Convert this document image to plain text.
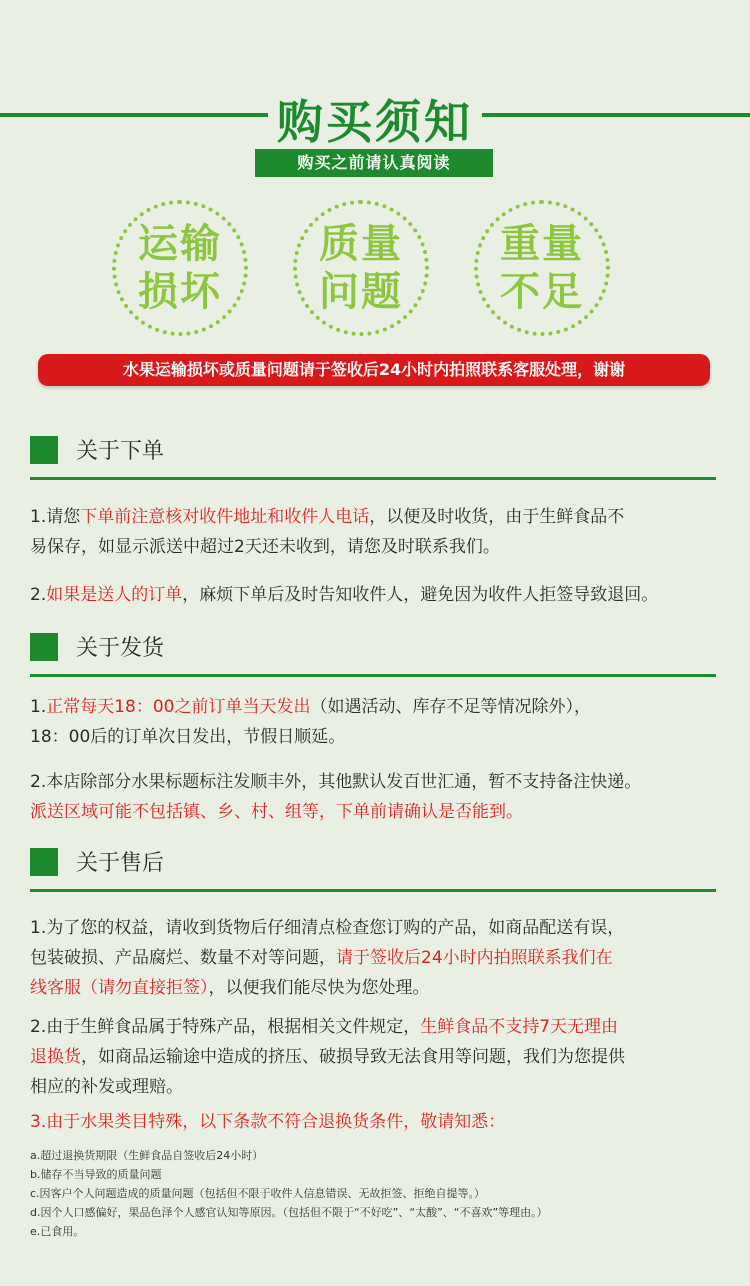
购买须知
购买之前请认真阅读
运输
损坏
质量
问题
重量
不足
水果运输损坏或质量问题请于签收后24小时内拍照联系客服处理，谢谢
关于下单
1.请您下单前注意核对收件地址和收件人电话，以便及时收货，由于生鲜食品不
易保存，如显示派送中超过2天还未收到，请您及时联系我们。
2.如果是送人的订单，麻烦下单后及时告知收件人，避免因为收件人拒签导致退回。
关于发货
1.正常每天18：00之前订单当天发出（如遇活动、库存不足等情况除外），
18：00后的订单次日发出，节假日顺延。
2.本店除部分水果标题标注发顺丰外，其他默认发百世汇通，暂不支持备注快递。
派送区域可能不包括镇、乡、村、组等，下单前请确认是否能到。
关于售后
1.为了您的权益，请收到货物后仔细清点检查您订购的产品，如商品配送有误，
包装破损、产品腐烂、数量不对等问题，请于签收后24小时内拍照联系我们在
线客服（请勿直接拒签），以便我们能尽快为您处理。
2.由于生鲜食品属于特殊产品，根据相关文件规定，生鲜食品不支持7天无理由
退换货，如商品运输途中造成的挤压、破损导致无法食用等问题，我们为您提供
相应的补发或理赔。
3.由于水果类目特殊，以下条款不符合退换货条件，敬请知悉：
a.超过退换货期限（生鲜食品自签收后24小时）
b.储存不当导致的质量问题
c.因客户个人问题造成的质量问题（包括但不限于收件人信息错误、无故拒签、拒绝自提等。）
d.因个人口感偏好，果品色泽个人感官认知等原因。（包括但不限于“不好吃”、“太酸”、“不喜欢”等理由。）
e.已食用。
